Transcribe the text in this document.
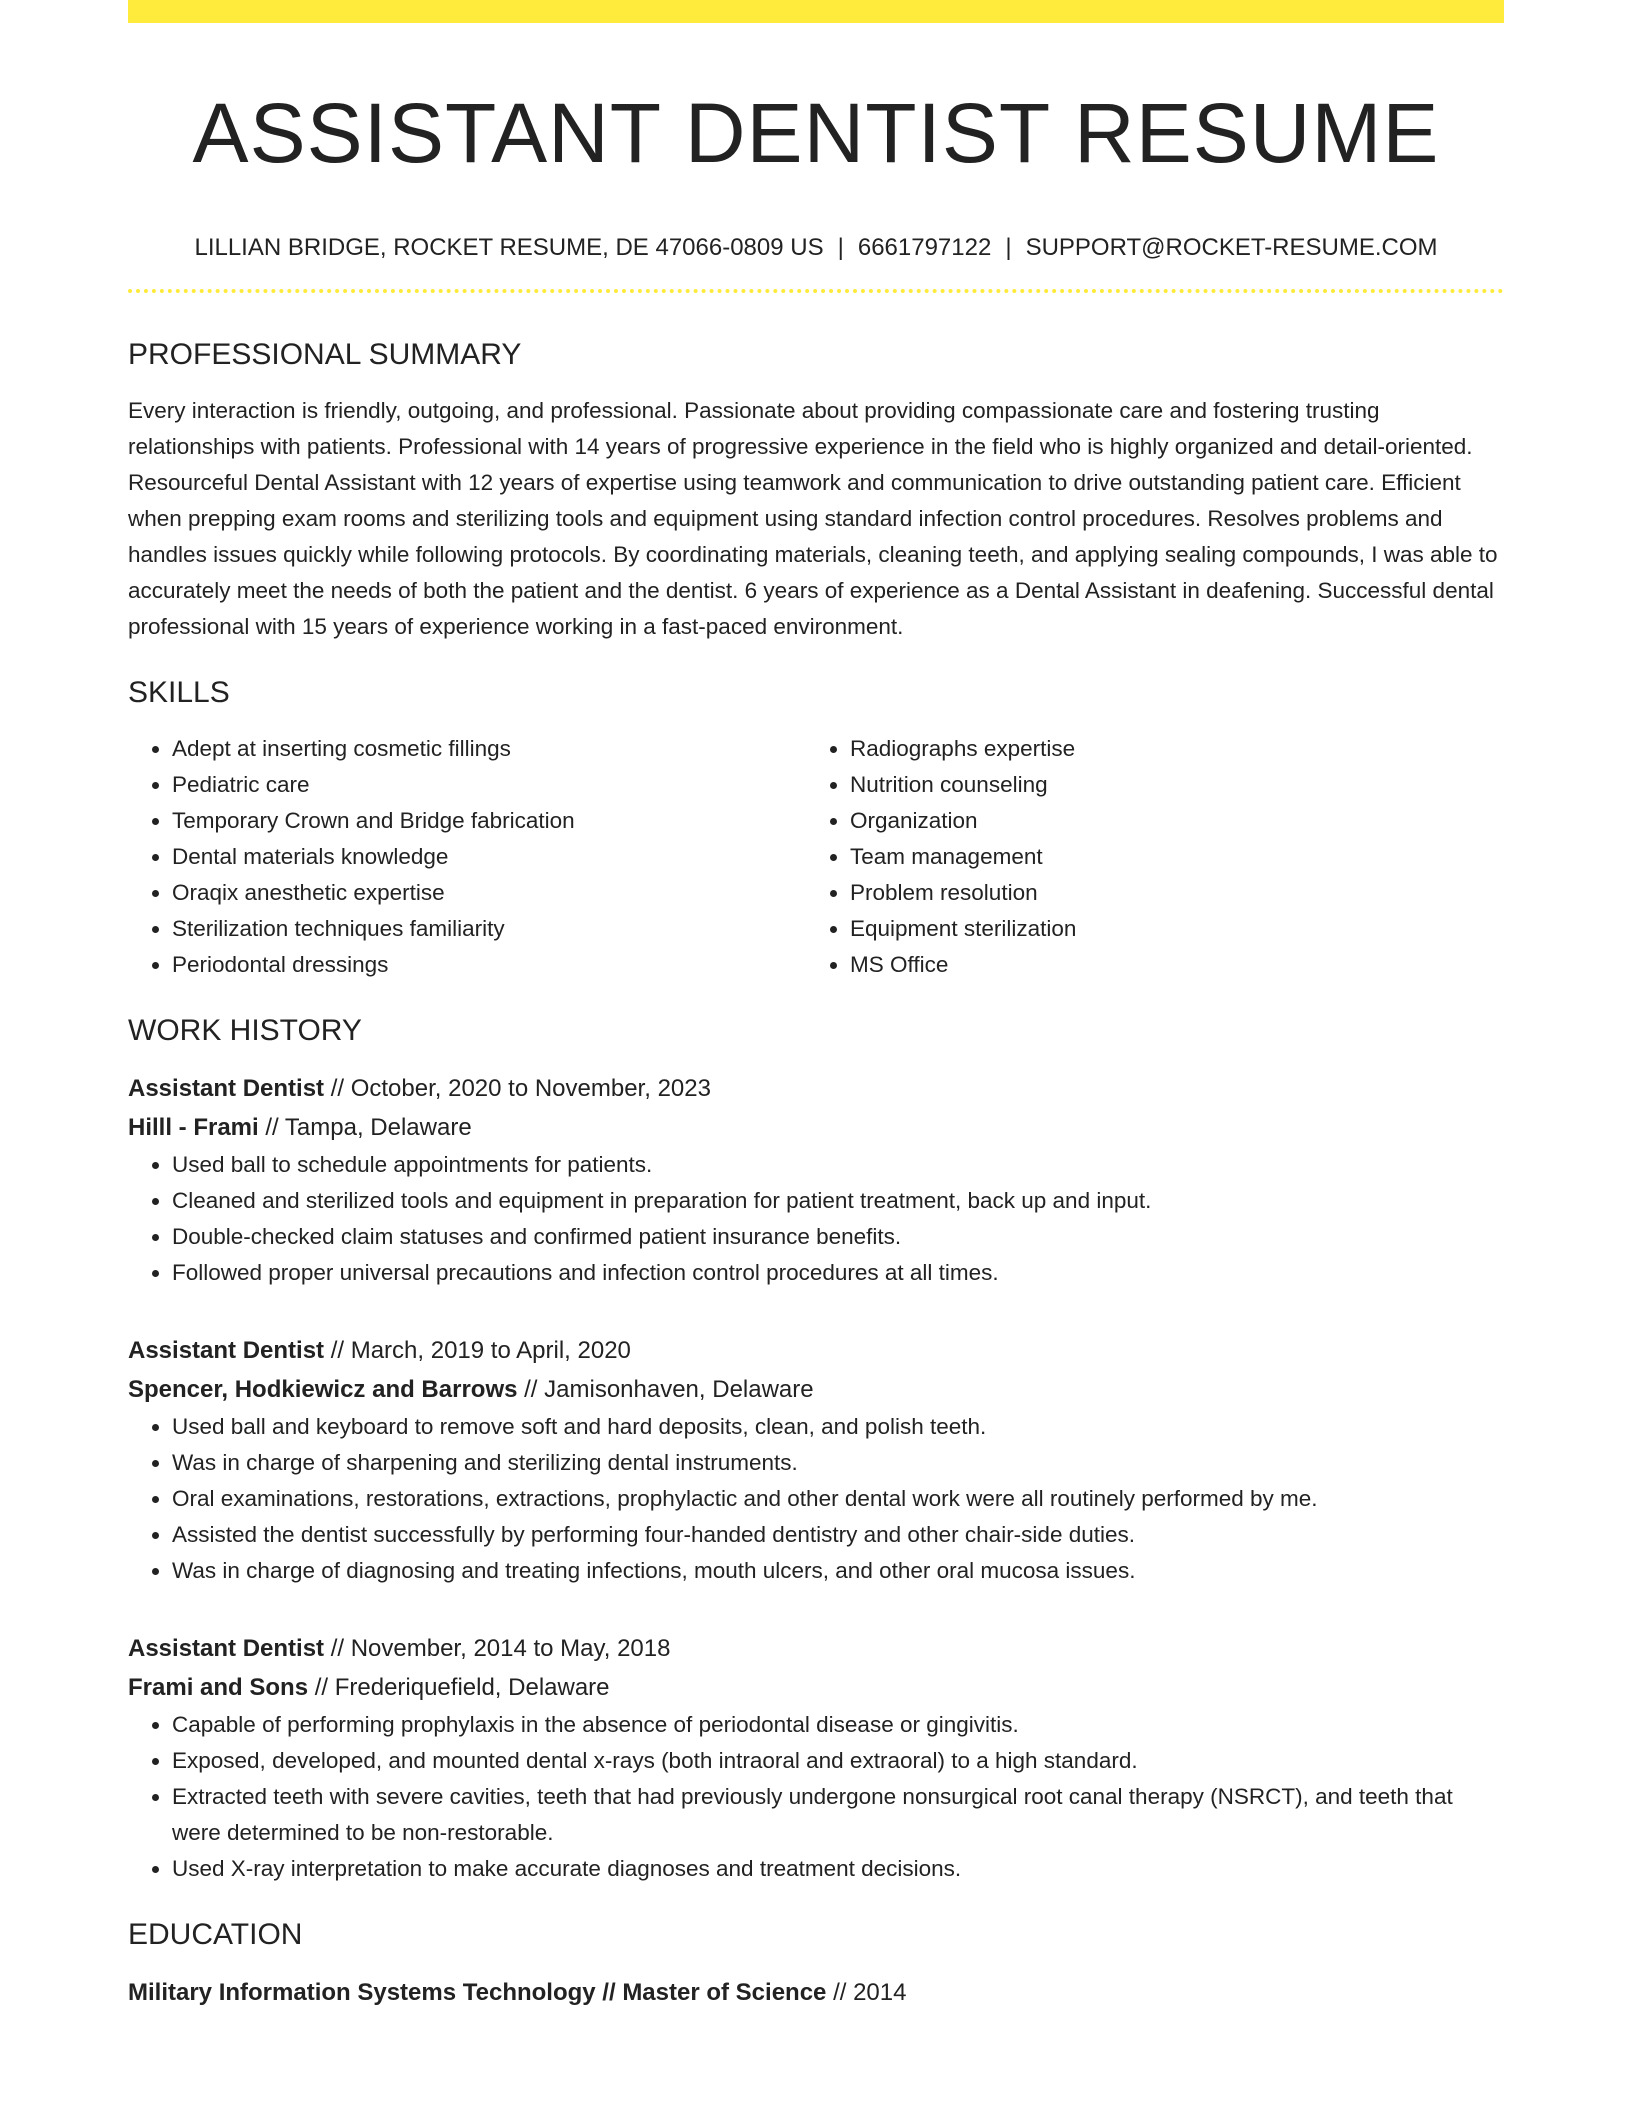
ASSISTANT DENTIST RESUME
LILLIAN BRIDGE, ROCKET RESUME, DE 47066-0809 US | 6661797122 | SUPPORT@ROCKET-RESUME.COM
PROFESSIONAL SUMMARY

Every interaction is friendly, outgoing, and professional. Passionate about providing compassionate care and fostering trusting relationships with patients. Professional with 14 years of progressive experience in the field who is highly organized and detail-oriented. Resourceful Dental Assistant with 12 years of expertise using teamwork and communication to drive outstanding patient care. Efficient when prepping exam rooms and sterilizing tools and equipment using standard infection control procedures. Resolves problems and handles issues quickly while following protocols. By coordinating materials, cleaning teeth, and applying sealing compounds, I was able to accurately meet the needs of both the patient and the dentist. 6 years of experience as a Dental Assistant in deafening. Successful dental professional with 15 years of experience working in a fast-paced environment.

SKILLS
• Adept at inserting cosmetic fillings
• Pediatric care
• Temporary Crown and Bridge fabrication
• Dental materials knowledge
• Oraqix anesthetic expertise
• Sterilization techniques familiarity
• Periodontal dressings
• Radiographs expertise
• Nutrition counseling
• Organization
• Team management
• Problem resolution
• Equipment sterilization
• MS Office
WORK HISTORY
Assistant Dentist // October, 2020 to November, 2023
Hilll - Frami // Tampa, Delaware
• Used ball to schedule appointments for patients.
• Cleaned and sterilized tools and equipment in preparation for patient treatment, back up and input.
• Double-checked claim statuses and confirmed patient insurance benefits.
• Followed proper universal precautions and infection control procedures at all times.
Assistant Dentist // March, 2019 to April, 2020
Spencer, Hodkiewicz and Barrows // Jamisonhaven, Delaware
• Used ball and keyboard to remove soft and hard deposits, clean, and polish teeth.
• Was in charge of sharpening and sterilizing dental instruments.
• Oral examinations, restorations, extractions, prophylactic and other dental work were all routinely performed by me.
• Assisted the dentist successfully by performing four-handed dentistry and other chair-side duties.
• Was in charge of diagnosing and treating infections, mouth ulcers, and other oral mucosa issues.
Assistant Dentist // November, 2014 to May, 2018
Frami and Sons // Frederiquefield, Delaware
• Capable of performing prophylaxis in the absence of periodontal disease or gingivitis.
• Exposed, developed, and mounted dental x-rays (both intraoral and extraoral) to a high standard.
• Extracted teeth with severe cavities, teeth that had previously undergone nonsurgical root canal therapy (NSRCT), and teeth that were determined to be non-restorable.
• Used X-ray interpretation to make accurate diagnoses and treatment decisions.
EDUCATION
Military Information Systems Technology // Master of Science // 2014
